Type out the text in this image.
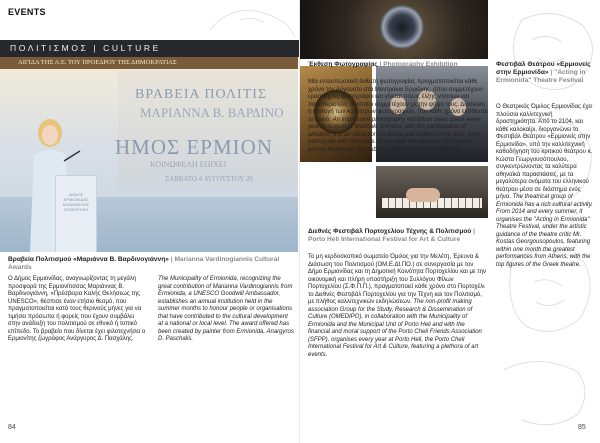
EVENTS
ΠΟΛΙΤΙΣΜΟΣ | CULTURE
ΑΙΓΙΔΑ ΤΗΣ Α.Ε. ΤΟΥ ΠΡΟΕΔΡΟΥ ΤΗΣ ΔΗΜΟΚΡΑΤΙΑΣ
ΒΡΑΒΕΙΑ ΠΟΛΙΤΙΣ
ΜΑΡΙΑΝΝΑ Β. ΒΑΡΔΙΝΟ
ΗΜΟΣ ΕΡΜΙΟΝ
ΚΟΙΝΩΦΕΛΗ ΕΠΙΧΕΙ
ΣΑΒΒΑΤΟ 4 ΑΥΓΟΥΣΤΟΥ 20
ΔΗΜΟΣ ΕΡΜΙΟΝΙΔΑΣ ΚΟΙΝΩΦΕΛΗΣ ΕΠΙΧΕΙΡΗΣΗ
Βραβεία Πολιτισμού «Μαριάννα Β. Βαρδινογιάννη» | Marianna Vardinogiannis Cultural Awards
Ο Δήμος Ερμιονίδας, αναγνωρίζοντας τη μεγάλη προσφορά της Ερμιονίτισσας Μαριάννας Β. Βαρδινογιάννη, «Πρέσβειρα Καλής Θελήσεως της UNESCO», θέσπισε έναν ετήσιο θεσμό, που πραγματοποιείται κατά τους θερινούς μήνες για να τιμήσει πρόσωπα ή φορείς που έχουν συμβάλει στην ανάδειξη του πολιτισμού σε εθνικό ή τοπικό επίπεδο. Το βραβείο που δίνεται έχει φιλοτεχνήσει ο Ερμιονίτης ζωγράφος Ανάργυρος Δ. Πασχάλης.
The Municipality of Ermionida, recognizing the great contribution of Marianna Vardinogiannis from Ermionida, a UNESCO Goodwill Ambassador, establishes an annual institution held in the summer months to honour people or organisations that have contributed to the cultural development at a national or local level. The award offered has been created by painter from Ermionida, Anargyros D. Paschalis.
Έκθεση Φωτογραφίας | Photography Exhibition
Μία ενταυπωσιακή έκθεση φωτογραφίας πραγματοποιείται κάθε χρόνο τον Αύγουστο στα Μαντράκια Ερμιόνης, όπου συμμετέχουν ερασιτέχνες φωτογράφοι και γίνεται πόλος έλξης ντόπιων και παραθεριστών, οι οποίοι συμμετέχουν με την ψήφο τους. Δώσκολη η επιλογή των καλύτερων φωτογραφιών, που κάθε χρόνο εκτίθενται το κοινό. An impressive photography exhibition takes place every year in August at Mantraki, Ermioni, with the participation of amateur. It is an attraction for locals and visitors in the area, who participate with their vote. Every year the selection of the best photos impresses the public, making the decision difficult.
Διεθνές Φεστιβάλ Πορτοχελίου Τέχνης & Πολιτισμού | Porto Heli International Festival for Art & Culture
Το μη κερδοσκοπικό σωματείο Όμιλος για την Μελέτη, Έρευνα & Διάσωση του Πολιτισμού (ΟΜ.Ε.ΔΙ.ΠΟ.) σε συνεργασία με τον Δήμο Ερμιονίδας και τη Δημοτική Κοινότητα Πορτοχελίου και με την οικονομική και πλήρη υποστήριξη του Συλλόγου Φίλων Πορτοχελίου (Σ.Φ.Π.Π.), πραγματοποιεί κάθε χρόνο στο Πορτοχέλι το Διεθνές Φεστιβάλ Πορτοχελίου για την Τέχνη και τον Πολιτισμό, με πλήθος καλλιτεχνικών εκδηλώσεων. The non-profit making association Group for the Study, Research & Dissemination of Culture (OMEDIPO), in collaboration with the Municipality of Ermionida and the Municipal Unit of Porto Heli and with the financial and moral support of the Porto Cheli Friends Association (SFPP), organises every year at Porto Heli, the Porto Cheli International Festival for Art & Culture, featuring a plethora of art events.
Φεστιβάλ Θεάτρου «Ερμιονείς στην Ερμιονίδα» | "Acting in Ermionida" Theatre Festival
Ο Θεατρικός Όμιλος Ερμιονίδας έχει πλούσια καλλιτεχνική δραστηριότητα. Από το 2104, και κάθε καλοκαίρι, διοργανώνει το Φεστιβάλ Θεάτρου «Ερμιονείς στην Ερμιονίδα», υπό την καλλιτεχνική καθοδήγηση του κριτικού θεάτρου κ. Κώστα Γεωργουσόπουλου, συγκεντρώνοντας τα καλύτερα αθηναϊκά παραστάσεις, με τα μεγαλύτερα ονόματα του ελληνικού θεάτρου μέσα σε διάστημα ενός μήνα. The theatrical group of Ermionida has a rich cultural activity. From 2014 and every summer, it organises the "Acting in Ermionida" Theatre Festival, under the artistic guidance of the theatre critic Mr. Kostas Georgousopoulos, featuring within one month the greatest performances from Athens, with the top figures of the Greek theatre.
84	85
